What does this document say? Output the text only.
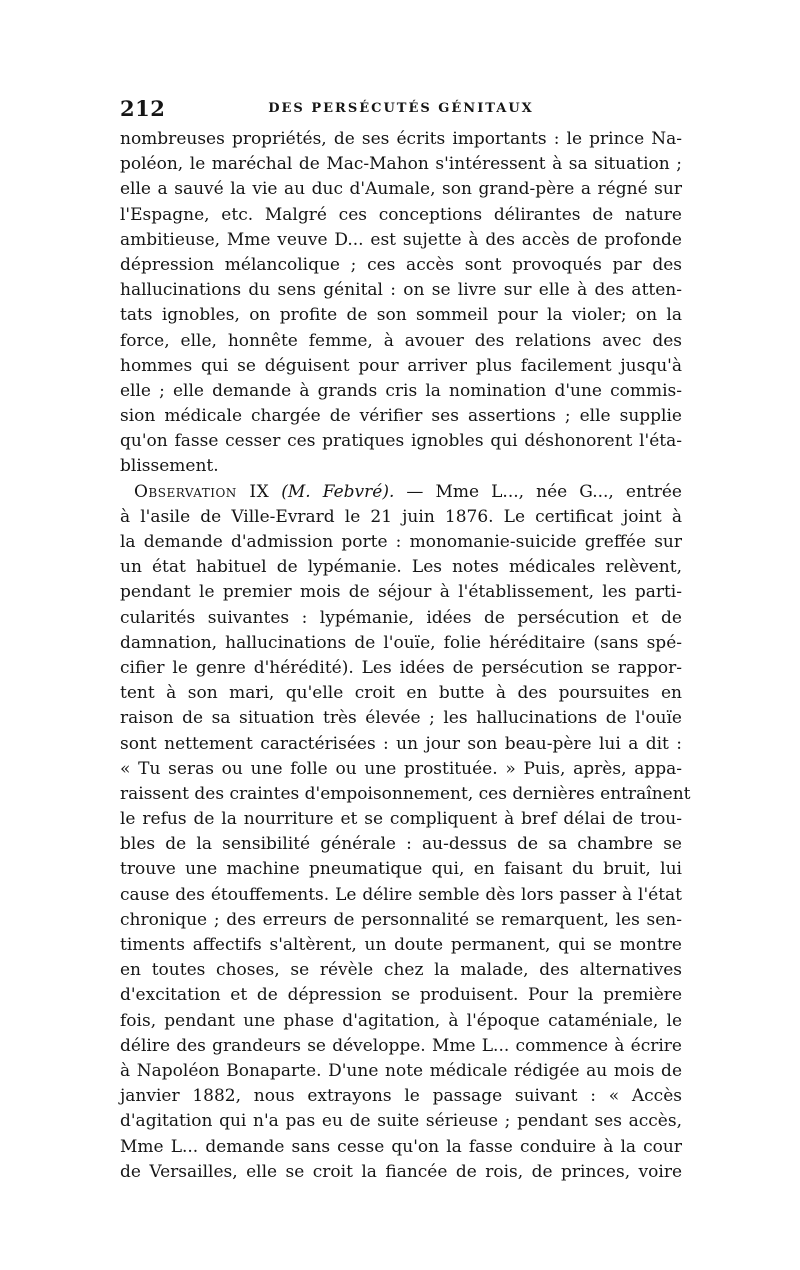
212	DES PERSÉCUTÉS GÉNITAUX
nombreuses propriétés, de ses écrits importants : le prince Na-
poléon, le maréchal de Mac-Mahon s'intéressent à sa situation ;
elle a sauvé la vie au duc d'Aumale, son grand-père a régné sur
l'Espagne, etc. Malgré ces conceptions délirantes de nature
ambitieuse, Mme veuve D... est sujette à des accès de profonde
dépression mélancolique ; ces accès sont provoqués par des
hallucinations du sens génital : on se livre sur elle à des atten-
tats ignobles, on profite de son sommeil pour la violer; on la
force, elle, honnête femme, à avouer des relations avec des
hommes qui se déguisent pour arriver plus facilement jusqu'à
elle ; elle demande à grands cris la nomination d'une commis-
sion médicale chargée de vérifier ses assertions ; elle supplie
qu'on fasse cesser ces pratiques ignobles qui déshonorent l'éta-
blissement.
Observation IX (M. Febvré). — Mme L..., née G..., entrée
à l'asile de Ville-Evrard le 21 juin 1876. Le certificat joint à
la demande d'admission porte : monomanie-suicide greffée sur
un état habituel de lypémanie. Les notes médicales relèvent,
pendant le premier mois de séjour à l'établissement, les parti-
cularités suivantes : lypémanie, idées de persécution et de
damnation, hallucinations de l'ouïe, folie héréditaire (sans spé-
cifier le genre d'hérédité). Les idées de persécution se rappor-
tent à son mari, qu'elle croit en butte à des poursuites en
raison de sa situation très élevée ; les hallucinations de l'ouïe
sont nettement caractérisées : un jour son beau-père lui a dit :
« Tu seras ou une folle ou une prostituée. » Puis, après, appa-
raissent des craintes d'empoisonnement, ces dernières entraînent
le refus de la nourriture et se compliquent à bref délai de trou-
bles de la sensibilité générale : au-dessus de sa chambre se
trouve une machine pneumatique qui, en faisant du bruit, lui
cause des étouffements. Le délire semble dès lors passer à l'état
chronique ; des erreurs de personnalité se remarquent, les sen-
timents affectifs s'altèrent, un doute permanent, qui se montre
en toutes choses, se révèle chez la malade, des alternatives
d'excitation et de dépression se produisent. Pour la première
fois, pendant une phase d'agitation, à l'époque cataméniale, le
délire des grandeurs se développe. Mme L... commence à écrire
à Napoléon Bonaparte. D'une note médicale rédigée au mois de
janvier 1882, nous extrayons le passage suivant : « Accès
d'agitation qui n'a pas eu de suite sérieuse ; pendant ses accès,
Mme L... demande sans cesse qu'on la fasse conduire à la cour
de Versailles, elle se croit la fiancée de rois, de princes, voire
